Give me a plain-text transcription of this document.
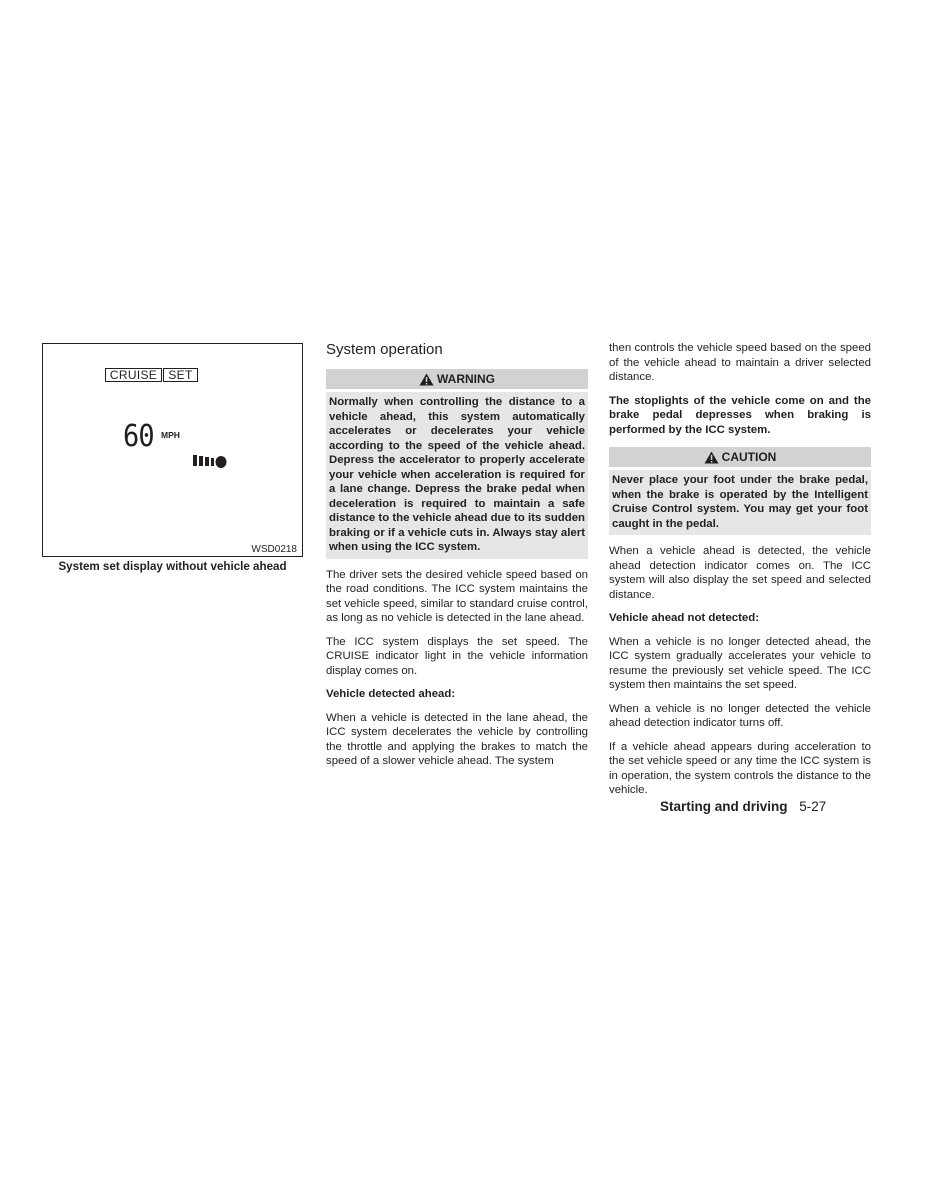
CRUISE SET
60 MPH
WSD0218
System set display without vehicle ahead
System operation
WARNING
Normally when controlling the distance to a vehicle ahead, this system automatically accelerates or decelerates your vehicle according to the speed of the vehicle ahead. Depress the accelerator to properly accelerate your vehicle when acceleration is required for a lane change. Depress the brake pedal when deceleration is required to maintain a safe distance to the vehicle ahead due to its sudden braking or if a vehicle cuts in. Always stay alert when using the ICC system.

The driver sets the desired vehicle speed based on the road conditions. The ICC system maintains the set vehicle speed, similar to standard cruise control, as long as no vehicle is detected in the lane ahead.

The ICC system displays the set speed. The CRUISE indicator light in the vehicle information display comes on.

Vehicle detected ahead:

When a vehicle is detected in the lane ahead, the ICC system decelerates the vehicle by controlling the throttle and applying the brakes to match the speed of a slower vehicle ahead. The system

then controls the vehicle speed based on the speed of the vehicle ahead to maintain a driver selected distance.

The stoplights of the vehicle come on and the brake pedal depresses when braking is performed by the ICC system.

CAUTION
Never place your foot under the brake pedal, when the brake is operated by the Intelligent Cruise Control system. You may get your foot caught in the pedal.

When a vehicle ahead is detected, the vehicle ahead detection indicator comes on. The ICC system will also display the set speed and selected distance.

Vehicle ahead not detected:

When a vehicle is no longer detected ahead, the ICC system gradually accelerates your vehicle to resume the previously set vehicle speed. The ICC system then maintains the set speed.

When a vehicle is no longer detected the vehicle ahead detection indicator turns off.

If a vehicle ahead appears during acceleration to the set vehicle speed or any time the ICC system is in operation, the system controls the distance to the vehicle.

Starting and driving 5-27
